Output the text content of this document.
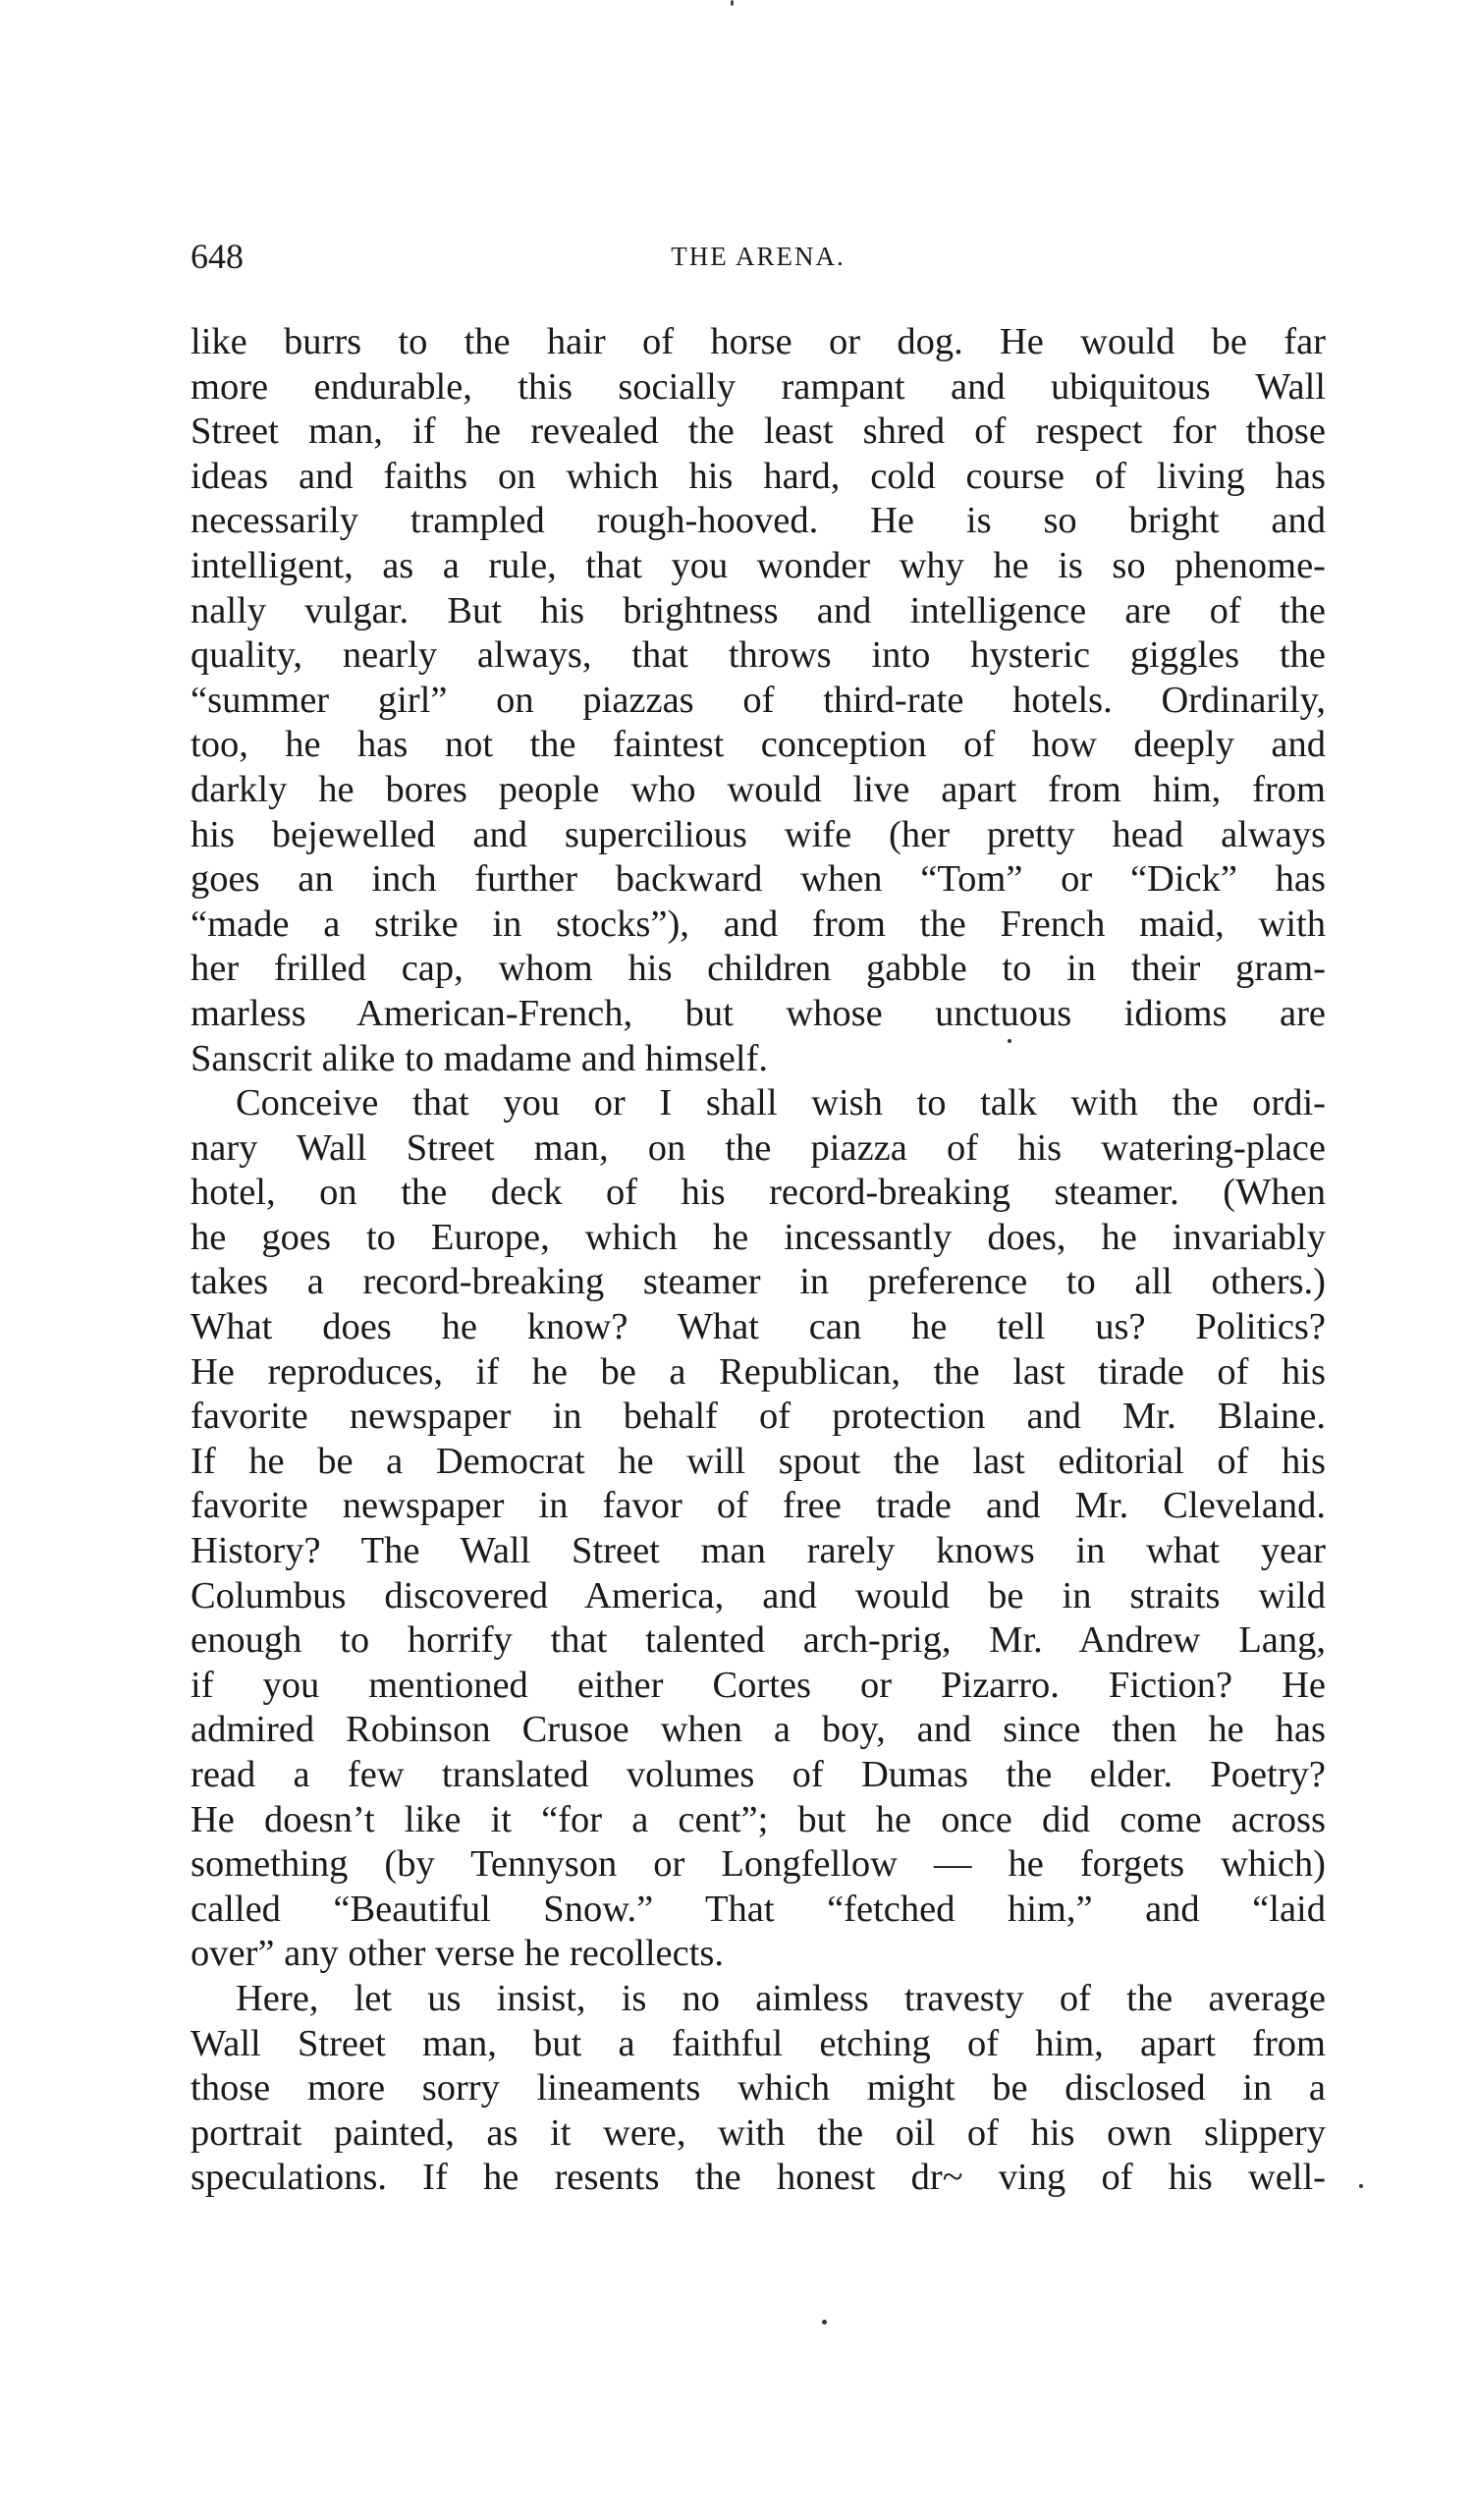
648	THE ARENA.
like burrs to the hair of horse or dog. He would be far
more endurable, this socially rampant and ubiquitous Wall
Street man, if he revealed the least shred of respect for those
ideas and faiths on which his hard, cold course of living has
necessarily trampled rough-hooved. He is so bright and
intelligent, as a rule, that you wonder why he is so phenome-
nally vulgar. But his brightness and intelligence are of the
quality, nearly always, that throws into hysteric giggles the
“summer girl” on piazzas of third-rate hotels. Ordinarily,
too, he has not the faintest conception of how deeply and
darkly he bores people who would live apart from him, from
his bejewelled and supercilious wife (her pretty head always
goes an inch further backward when “Tom” or “Dick” has
“made a strike in stocks”), and from the French maid, with
her frilled cap, whom his children gabble to in their gram-
marless American-French, but whose unctuous idioms are
Sanscrit alike to madame and himself.
Conceive that you or I shall wish to talk with the ordi-
nary Wall Street man, on the piazza of his watering-place
hotel, on the deck of his record-breaking steamer. (When
he goes to Europe, which he incessantly does, he invariably
takes a record-breaking steamer in preference to all others.)
What does he know? What can he tell us? Politics?
He reproduces, if he be a Republican, the last tirade of his
favorite newspaper in behalf of protection and Mr. Blaine.
If he be a Democrat he will spout the last editorial of his
favorite newspaper in favor of free trade and Mr. Cleveland.
History? The Wall Street man rarely knows in what year
Columbus discovered America, and would be in straits wild
enough to horrify that talented arch-prig, Mr. Andrew Lang,
if you mentioned either Cortes or Pizarro. Fiction? He
admired Robinson Crusoe when a boy, and since then he has
read a few translated volumes of Dumas the elder. Poetry?
He doesn’t like it “for a cent”; but he once did come across
something (by Tennyson or Longfellow — he forgets which)
called “Beautiful Snow.” That “fetched him,” and “laid
over” any other verse he recollects.
Here, let us insist, is no aimless travesty of the average
Wall Street man, but a faithful etching of him, apart from
those more sorry lineaments which might be disclosed in a
portrait painted, as it were, with the oil of his own slippery
speculations. If he resents the honest dr~ ving of his well-
